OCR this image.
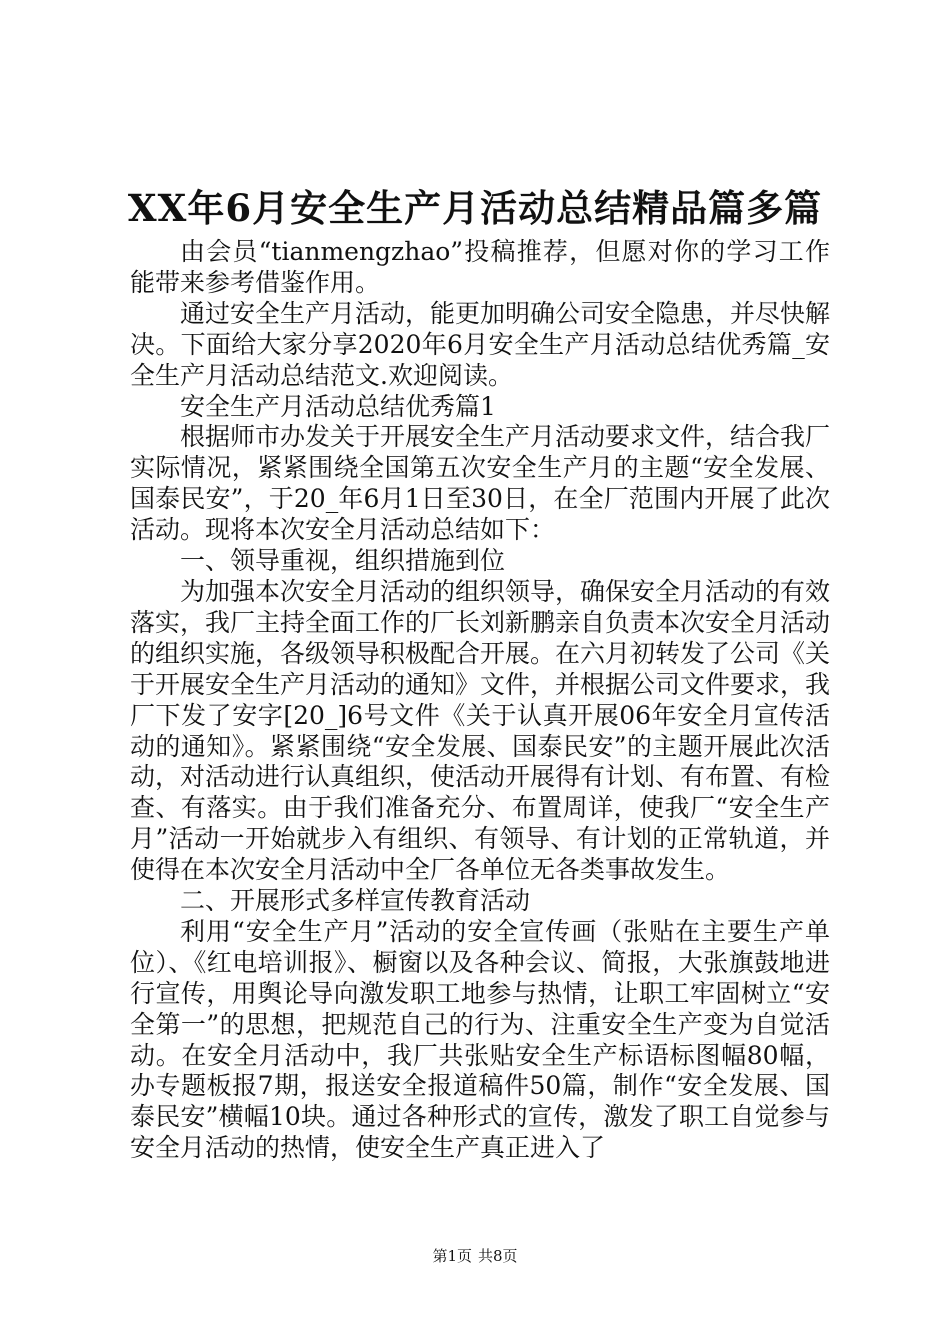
XX年6月安全生产月活动总结精品篇多篇

由会员“tianmengzhao”投稿推荐，但愿对你的学习工作能带来参考借鉴作用。

通过安全生产月活动，能更加明确公司安全隐患，并尽快解决。下面给大家分享2020年6月安全生产月活动总结优秀篇_安全生产月活动总结范文.欢迎阅读。

安全生产月活动总结优秀篇1

根据师市办发关于开展安全生产月活动要求文件，结合我厂实际情况，紧紧围绕全国第五次安全生产月的主题“安全发展、国泰民安”，于20_年6月1日至30日，在全厂范围内开展了此次活动。现将本次安全月活动总结如下：

一、领导重视，组织措施到位

为加强本次安全月活动的组织领导，确保安全月活动的有效落实，我厂主持全面工作的厂长刘新鹏亲自负责本次安全月活动的组织实施，各级领导积极配合开展。在六月初转发了公司《关于开展安全生产月活动的通知》文件，并根据公司文件要求，我厂下发了安字[20_]6号文件《关于认真开展06年安全月宣传活动的通知》。紧紧围绕“安全发展、国泰民安”的主题开展此次活动，对活动进行认真组织，使活动开展得有计划、有布置、有检查、有落实。由于我们准备充分、布置周详，使我厂“安全生产月”活动一开始就步入有组织、有领导、有计划的正常轨道，并使得在本次安全月活动中全厂各单位无各类事故发生。

二、开展形式多样宣传教育活动

利用“安全生产月”活动的安全宣传画（张贴在主要生产单位）、《红电培训报》、橱窗以及各种会议、简报，大张旗鼓地进行宣传，用舆论导向激发职工地参与热情，让职工牢固树立“安全第一”的思想，把规范自己的行为、注重安全生产变为自觉活动。在安全月活动中，我厂共张贴安全生产标语标图幅80幅，办专题板报7期，报送安全报道稿件50篇，制作“安全发展、国泰民安”横幅10块。通过各种形式的宣传，激发了职工自觉参与安全月活动的热情，使安全生产真正进入了

第1页 共8页
